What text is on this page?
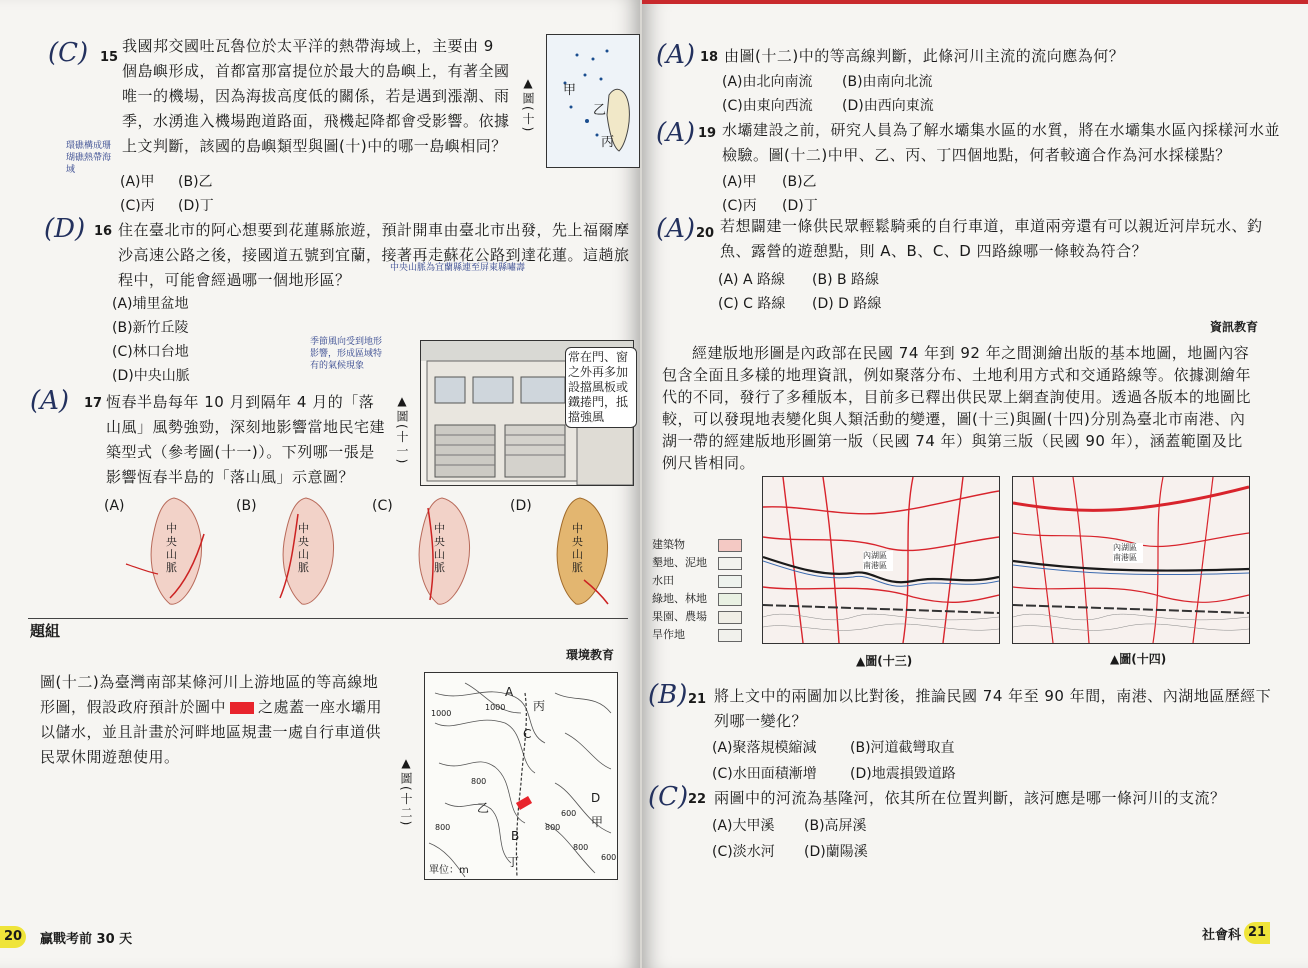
(C) 15
我國邦交國吐瓦魯位於太平洋的熱帶海域上，主要由 9 個島嶼形成，首都富那富提位於最大的島嶼上，有著全國唯一的機場，因為海拔高度低的關係，若是遇到漲潮、雨季，水湧進入機場跑道路面，飛機起降都會受影響。依據上文判斷，該國的島嶼類型與圖(十)中的哪一島嶼相同？
環礁構成珊瑚礁熱帶海域
(A)甲 (B)乙
(C)丙 (D)丁
▲圖(十) 甲
乙
丙
(D) 16 住在臺北市的阿心想要到花蓮縣旅遊，預計開車由臺北市出發，先上福爾摩沙高速公路之後，接國道五號到宜蘭，接著再走蘇花公路到達花蓮。這趟旅程中，可能會經過哪一個地形區？
中央山脈為宜蘭縣連至屏東縣嘯壽
(A)埔里盆地
(B)新竹丘陵
(C)林口台地
(D)中央山脈
季節風向受到地形影響，形成區域特有的氣候現象
(A) 17 恆春半島每年 10 月到隔年 4 月的「落山風」風勢強勁，深刻地影響當地民宅建築型式（參考圖(十一)）。下列哪一張是影響恆春半島的「落山風」示意圖？
▲圖(十一)
常在門、窗之外再多加設擋風板或鐵捲門，抵擋強風
(A)	(B)	(C)	(D)
中央山脈
中央山脈
中央山脈
中央山脈
題組
環境教育
圖(十二)為臺灣南部某條河川上游地區的等高線地形圖，假設政府預計於圖中 之處蓋一座水壩用以儲水，並且計畫於河畔地區規畫一處自行車道供民眾休閒遊憩使用。	▲圖(十二)
A
丙
C
D
乙
甲
B
丁
1000
1000
800
800	800
600
600
800
單位：m
20	贏戰考前 30 天
(A) 18 由圖(十二)中的等高線判斷，此條河川主流的流向應為何？
(A)由北向南流 (B)由南向北流
(C)由東向西流 (D)由西向東流
(A) 19 水壩建設之前，研究人員為了解水壩集水區的水質，將在水壩集水區內採樣河水並檢驗。圖(十二)中甲、乙、丙、丁四個地點，何者較適合作為河水採樣點？
(A)甲 (B)乙
(C)丙 (D)丁
(A) 20 若想闢建一條供民眾輕鬆騎乘的自行車道，車道兩旁還有可以親近河岸玩水、釣魚、露營的遊憩點，則 A、B、C、D 四路線哪一條較為符合？
(A) A 路線 (B) B 路線
(C) C 路線 (D) D 路線
資訊教育
經建版地形圖是內政部在民國 74 年到 92 年之間測繪出版的基本地圖，地圖內容包含全面且多樣的地理資訊，例如聚落分布、土地利用方式和交通路線等。依據測繪年代的不同，發行了多種版本，目前多已釋出供民眾上網查詢使用。透過各版本的地圖比較，可以發現地表變化與人類活動的變遷，圖(十三)與圖(十四)分別為臺北市南港、內湖一帶的經建版地形圖第一版（民國 74 年）與第三版（民國 90 年），涵蓋範圍及比例尺皆相同。
建築物
墾地、泥地
水田
綠地、林地
果園、農場
旱作地
內湖區 南港區
內湖區 南港區
▲圖(十三)	▲圖(十四)
(B) 21 將上文中的兩圖加以比對後，推論民國 74 年至 90 年間，南港、內湖地區歷經下列哪一變化？
(A)聚落規模縮減 (B)河道截彎取直
(C)水田面積漸增 (D)地震損毀道路
(C) 22 兩圖中的河流為基隆河，依其所在位置判斷，該河應是哪一條河川的支流？
(A)大甲溪 (B)高屏溪
(C)淡水河 (D)蘭陽溪
社會科 21
